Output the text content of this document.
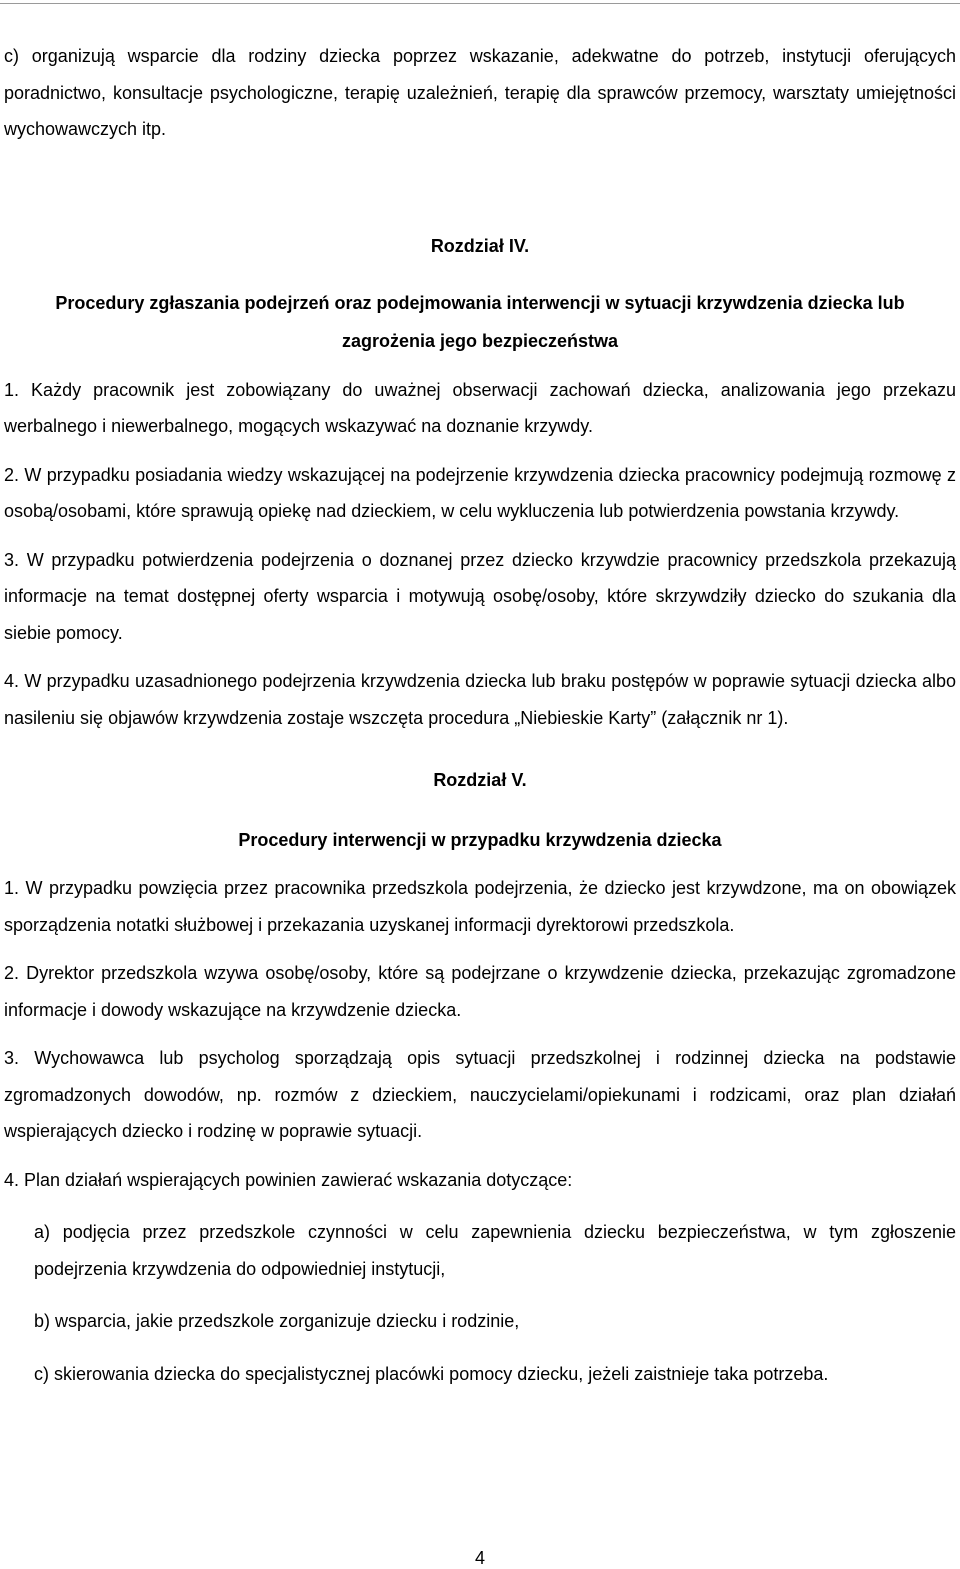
c) organizują wsparcie dla rodziny dziecka poprzez wskazanie, adekwatne do potrzeb, instytucji oferujących poradnictwo, konsultacje psychologiczne, terapię uzależnień, terapię dla sprawców przemocy, warsztaty umiejętności wychowawczych itp.

Rozdział IV.

Procedury zgłaszania podejrzeń oraz podejmowania interwencji w sytuacji krzywdzenia dziecka lub zagrożenia jego bezpieczeństwa

1. Każdy pracownik jest zobowiązany do uważnej obserwacji zachowań dziecka, analizowania jego przekazu werbalnego i niewerbalnego, mogących wskazywać na doznanie krzywdy.

2. W przypadku posiadania wiedzy wskazującej na podejrzenie krzywdzenia dziecka pracownicy podejmują rozmowę z osobą/osobami, które sprawują opiekę nad dzieckiem, w celu wykluczenia lub potwierdzenia powstania krzywdy.

3. W przypadku potwierdzenia podejrzenia o doznanej przez dziecko krzywdzie pracownicy przedszkola przekazują informacje na temat dostępnej oferty wsparcia i motywują osobę/osoby, które skrzywdziły dziecko do szukania dla siebie pomocy.

4. W przypadku uzasadnionego podejrzenia krzywdzenia dziecka lub braku postępów w poprawie sytuacji dziecka albo nasileniu się objawów krzywdzenia zostaje wszczęta procedura „Niebieskie Karty” (załącznik nr 1).

Rozdział V.

Procedury interwencji w przypadku krzywdzenia dziecka

1. W przypadku powzięcia przez pracownika przedszkola podejrzenia, że dziecko jest krzywdzone, ma on obowiązek sporządzenia notatki służbowej i przekazania uzyskanej informacji dyrektorowi przedszkola.

2. Dyrektor przedszkola wzywa osobę/osoby, które są podejrzane o krzywdzenie dziecka, przekazując zgromadzone informacje i dowody wskazujące na krzywdzenie dziecka.

3. Wychowawca lub psycholog sporządzają opis sytuacji przedszkolnej i rodzinnej dziecka na podstawie zgromadzonych dowodów, np. rozmów z dzieckiem, nauczycielami/opiekunami i rodzicami, oraz plan działań wspierających dziecko i rodzinę w poprawie sytuacji.

4. Plan działań wspierających powinien zawierać wskazania dotyczące:

a) podjęcia przez przedszkole czynności w celu zapewnienia dziecku bezpieczeństwa, w tym zgłoszenie podejrzenia krzywdzenia do odpowiedniej instytucji,

b) wsparcia, jakie przedszkole zorganizuje dziecku i rodzinie,

c) skierowania dziecka do specjalistycznej placówki pomocy dziecku, jeżeli zaistnieje taka potrzeba.

4
